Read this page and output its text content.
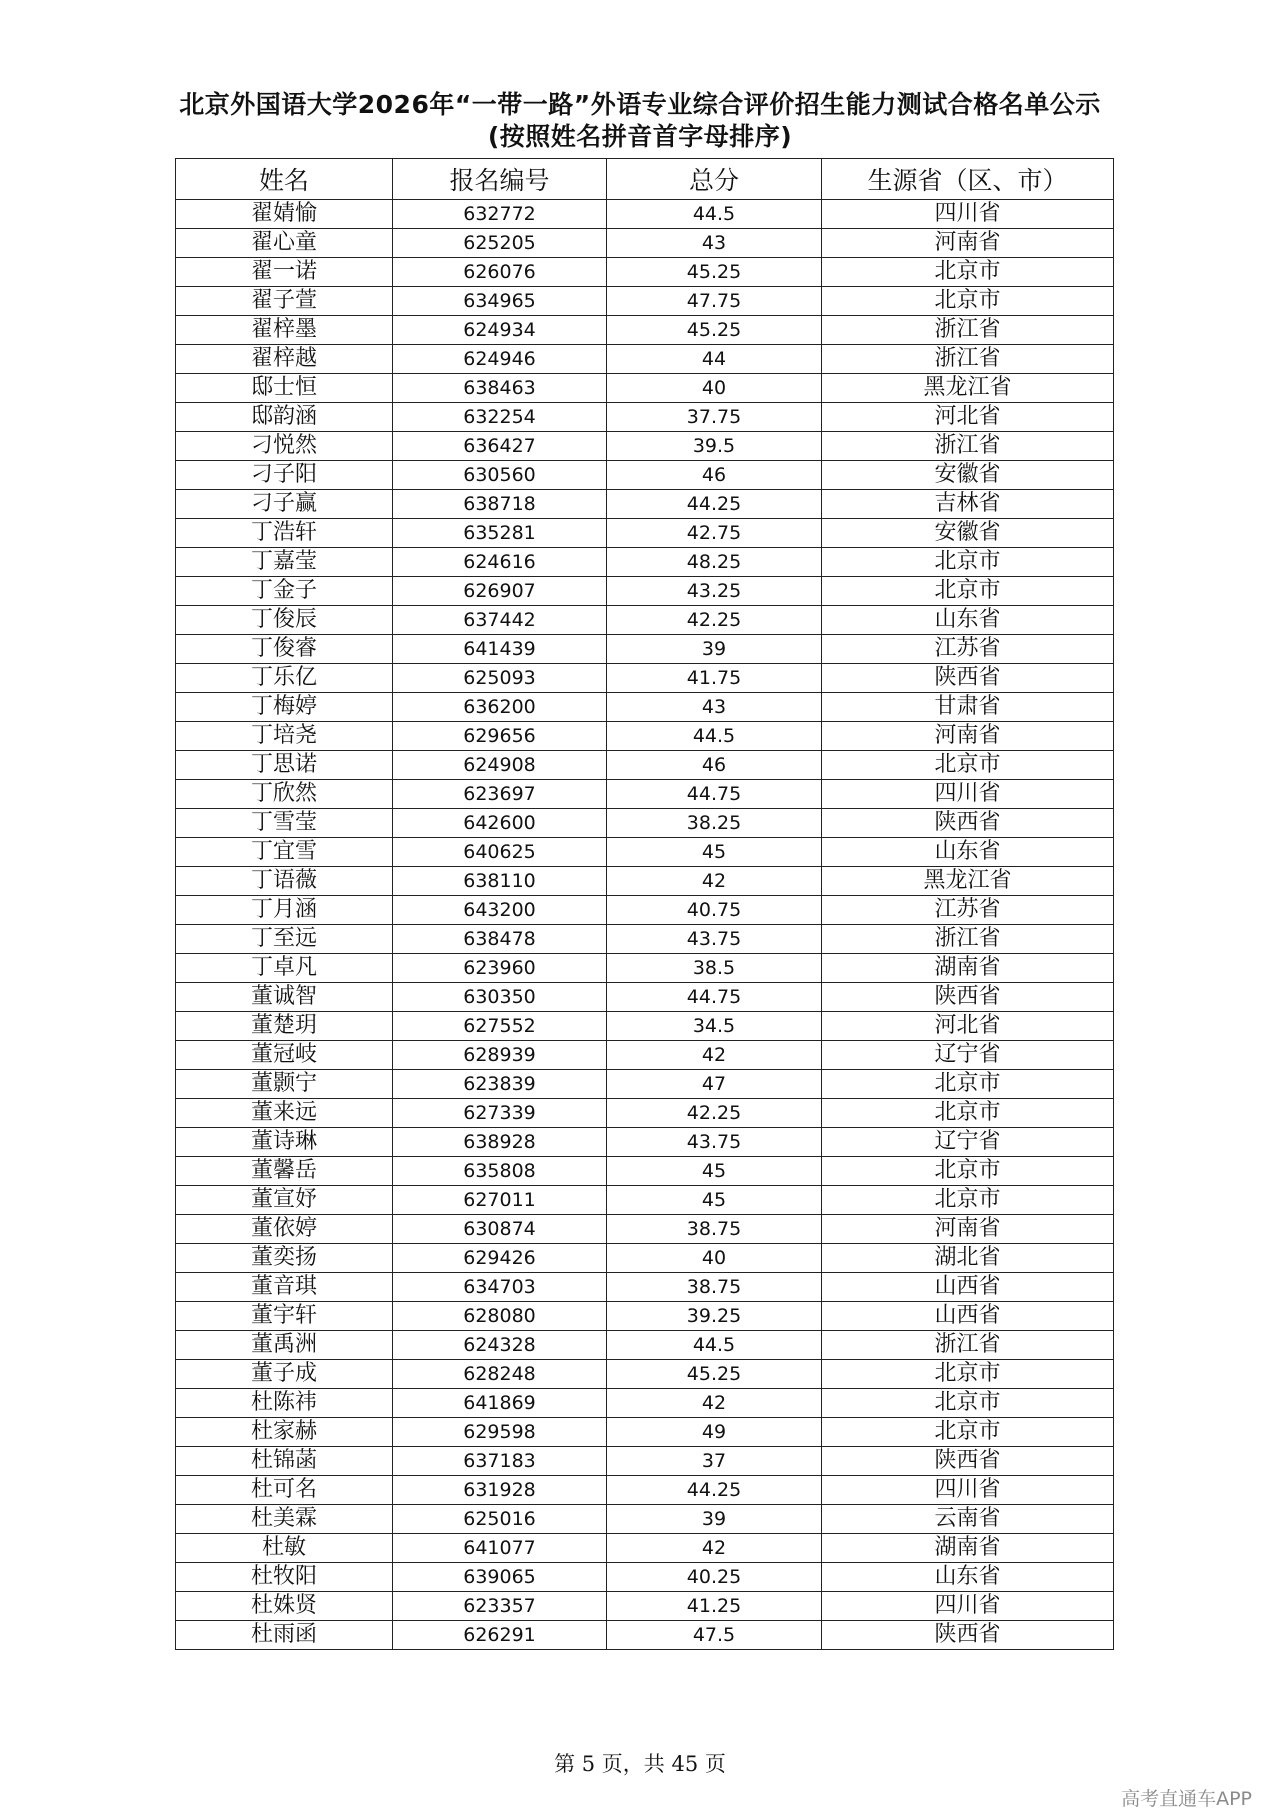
北京外国语大学2026年“一带一路”外语专业综合评价招生能力测试合格名单公示
(按照姓名拼音首字母排序)
姓名	报名编号	总分	生源省（区、市）
翟婧愉	632772	44.5	四川省
翟心童	625205	43	河南省
翟一诺	626076	45.25	北京市
翟子萱	634965	47.75	北京市
翟梓墨	624934	45.25	浙江省
翟梓越	624946	44	浙江省
邸士恒	638463	40	黑龙江省
邸韵涵	632254	37.75	河北省
刁悦然	636427	39.5	浙江省
刁子阳	630560	46	安徽省
刁子赢	638718	44.25	吉林省
丁浩轩	635281	42.75	安徽省
丁嘉莹	624616	48.25	北京市
丁金子	626907	43.25	北京市
丁俊辰	637442	42.25	山东省
丁俊睿	641439	39	江苏省
丁乐亿	625093	41.75	陕西省
丁梅婷	636200	43	甘肃省
丁培尧	629656	44.5	河南省
丁思诺	624908	46	北京市
丁欣然	623697	44.75	四川省
丁雪莹	642600	38.25	陕西省
丁宜雪	640625	45	山东省
丁语薇	638110	42	黑龙江省
丁月涵	643200	40.75	江苏省
丁至远	638478	43.75	浙江省
丁卓凡	623960	38.5	湖南省
董诚智	630350	44.75	陕西省
董楚玥	627552	34.5	河北省
董冠岐	628939	42	辽宁省
董颢宁	623839	47	北京市
董来远	627339	42.25	北京市
董诗琳	638928	43.75	辽宁省
董馨岳	635808	45	北京市
董宣妤	627011	45	北京市
董依婷	630874	38.75	河南省
董奕扬	629426	40	湖北省
董音琪	634703	38.75	山西省
董宇轩	628080	39.25	山西省
董禹洲	624328	44.5	浙江省
董子成	628248	45.25	北京市
杜陈祎	641869	42	北京市
杜家赫	629598	49	北京市
杜锦菡	637183	37	陕西省
杜可名	631928	44.25	四川省
杜美霖	625016	39	云南省
杜敏	641077	42	湖南省
杜牧阳	639065	40.25	山东省
杜姝贤	623357	41.25	四川省
杜雨函	626291	47.5	陕西省
第 5 页，共 45 页
高考直通车APP
